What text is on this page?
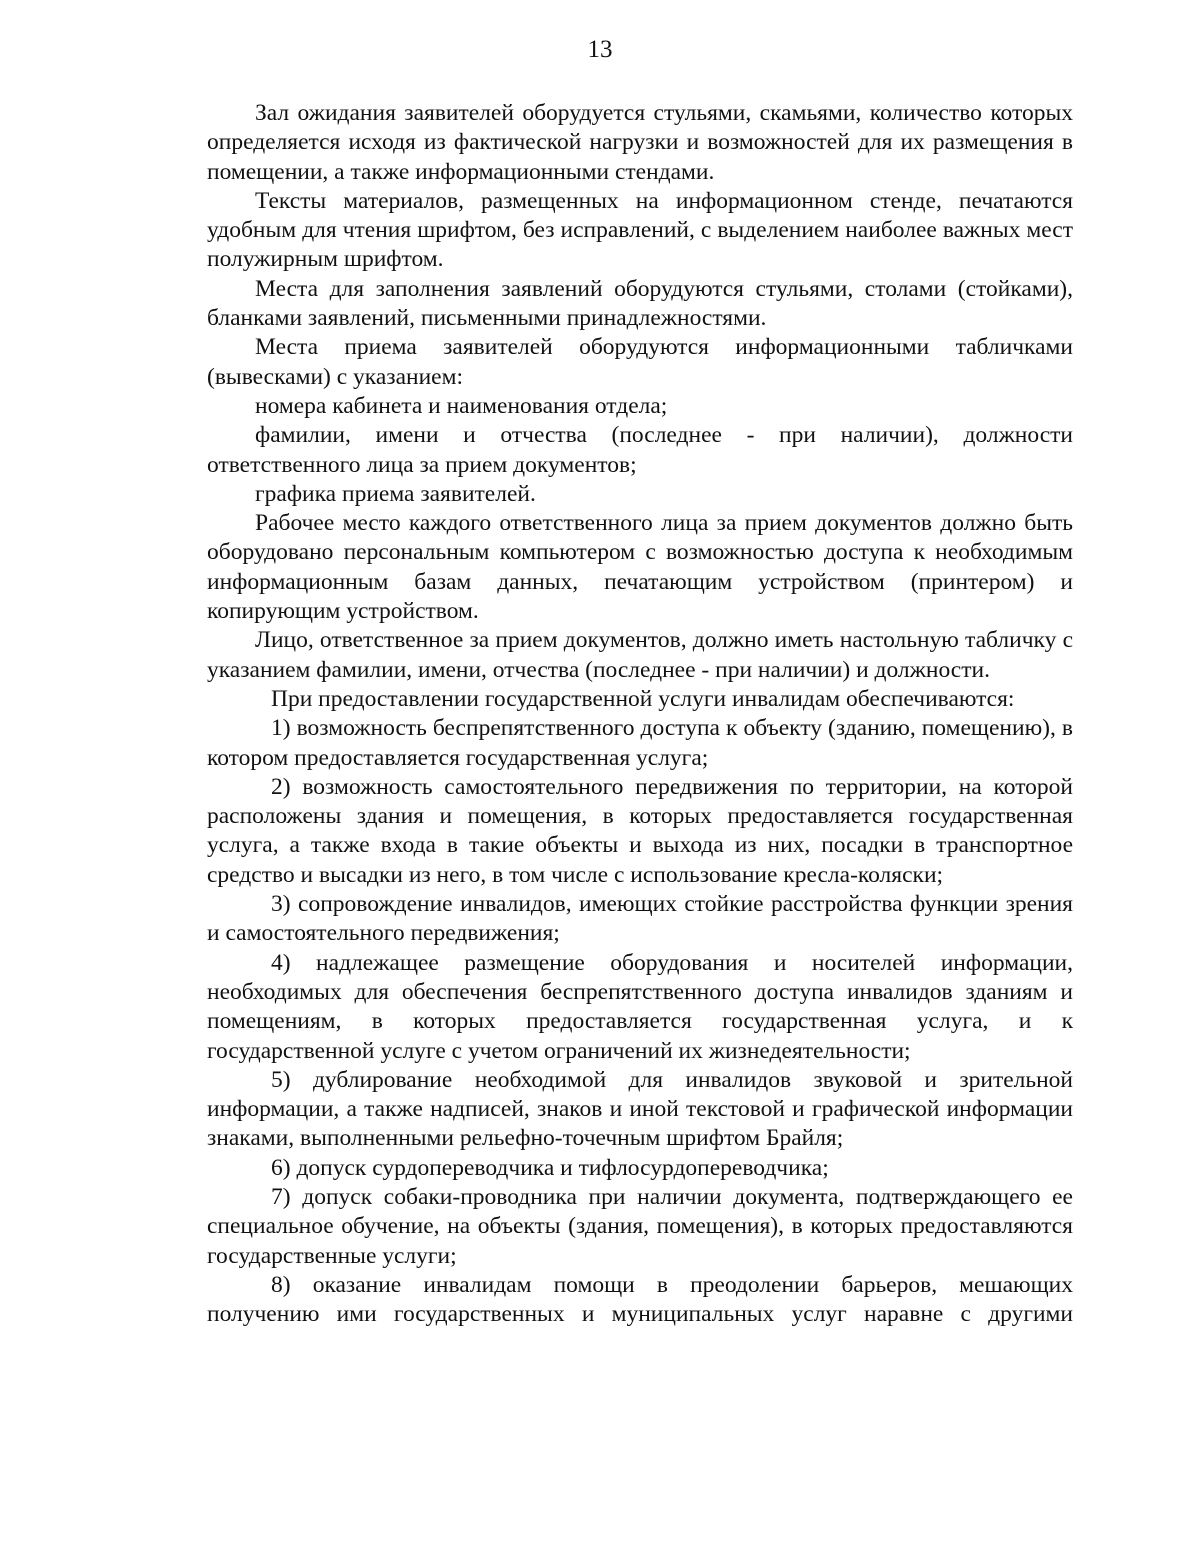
13

Зал ожидания заявителей оборудуется стульями, скамьями, количество которых определяется исходя из фактической нагрузки и возможностей для их размещения в помещении, а также информационными стендами.

Тексты материалов, размещенных на информационном стенде, печатаются удобным для чтения шрифтом, без исправлений, с выделением наиболее важных мест полужирным шрифтом.

Места для заполнения заявлений оборудуются стульями, столами (стойками), бланками заявлений, письменными принадлежностями.

Места приема заявителей оборудуются информационными табличками (вывесками) с указанием:

номера кабинета и наименования отдела;

фамилии, имени и отчества (последнее - при наличии), должности ответственного лица за прием документов;

графика приема заявителей.

Рабочее место каждого ответственного лица за прием документов должно быть оборудовано персональным компьютером с возможностью доступа к необходимым информационным базам данных, печатающим устройством (принтером) и копирующим устройством.

Лицо, ответственное за прием документов, должно иметь настольную табличку с указанием фамилии, имени, отчества (последнее - при наличии) и должности.

При предоставлении государственной услуги инвалидам обеспечиваются:

1) возможность беспрепятственного доступа к объекту (зданию, помещению), в котором предоставляется государственная услуга;

2) возможность самостоятельного передвижения по территории, на которой расположены здания и помещения, в которых предоставляется государственная услуга, а также входа в такие объекты и выхода из них, посадки в транспортное средство и высадки из него, в том числе с использование кресла-коляски;

3) сопровождение инвалидов, имеющих стойкие расстройства функции зрения и самостоятельного передвижения;

4) надлежащее размещение оборудования и носителей информации, необходимых для обеспечения беспрепятственного доступа инвалидов зданиям и помещениям, в которых предоставляется государственная услуга, и к государственной услуге с учетом ограничений их жизнедеятельности;

5) дублирование необходимой для инвалидов звуковой и зрительной информации, а также надписей, знаков и иной текстовой и графической информации знаками, выполненными рельефно-точечным шрифтом Брайля;

6) допуск сурдопереводчика и тифлосурдопереводчика;

7) допуск собаки-проводника при наличии документа, подтверждающего ее специальное обучение, на объекты (здания, помещения), в которых предоставляются государственные услуги;

8) оказание инвалидам помощи в преодолении барьеров, мешающих получению ими государственных и муниципальных услуг наравне с другими
